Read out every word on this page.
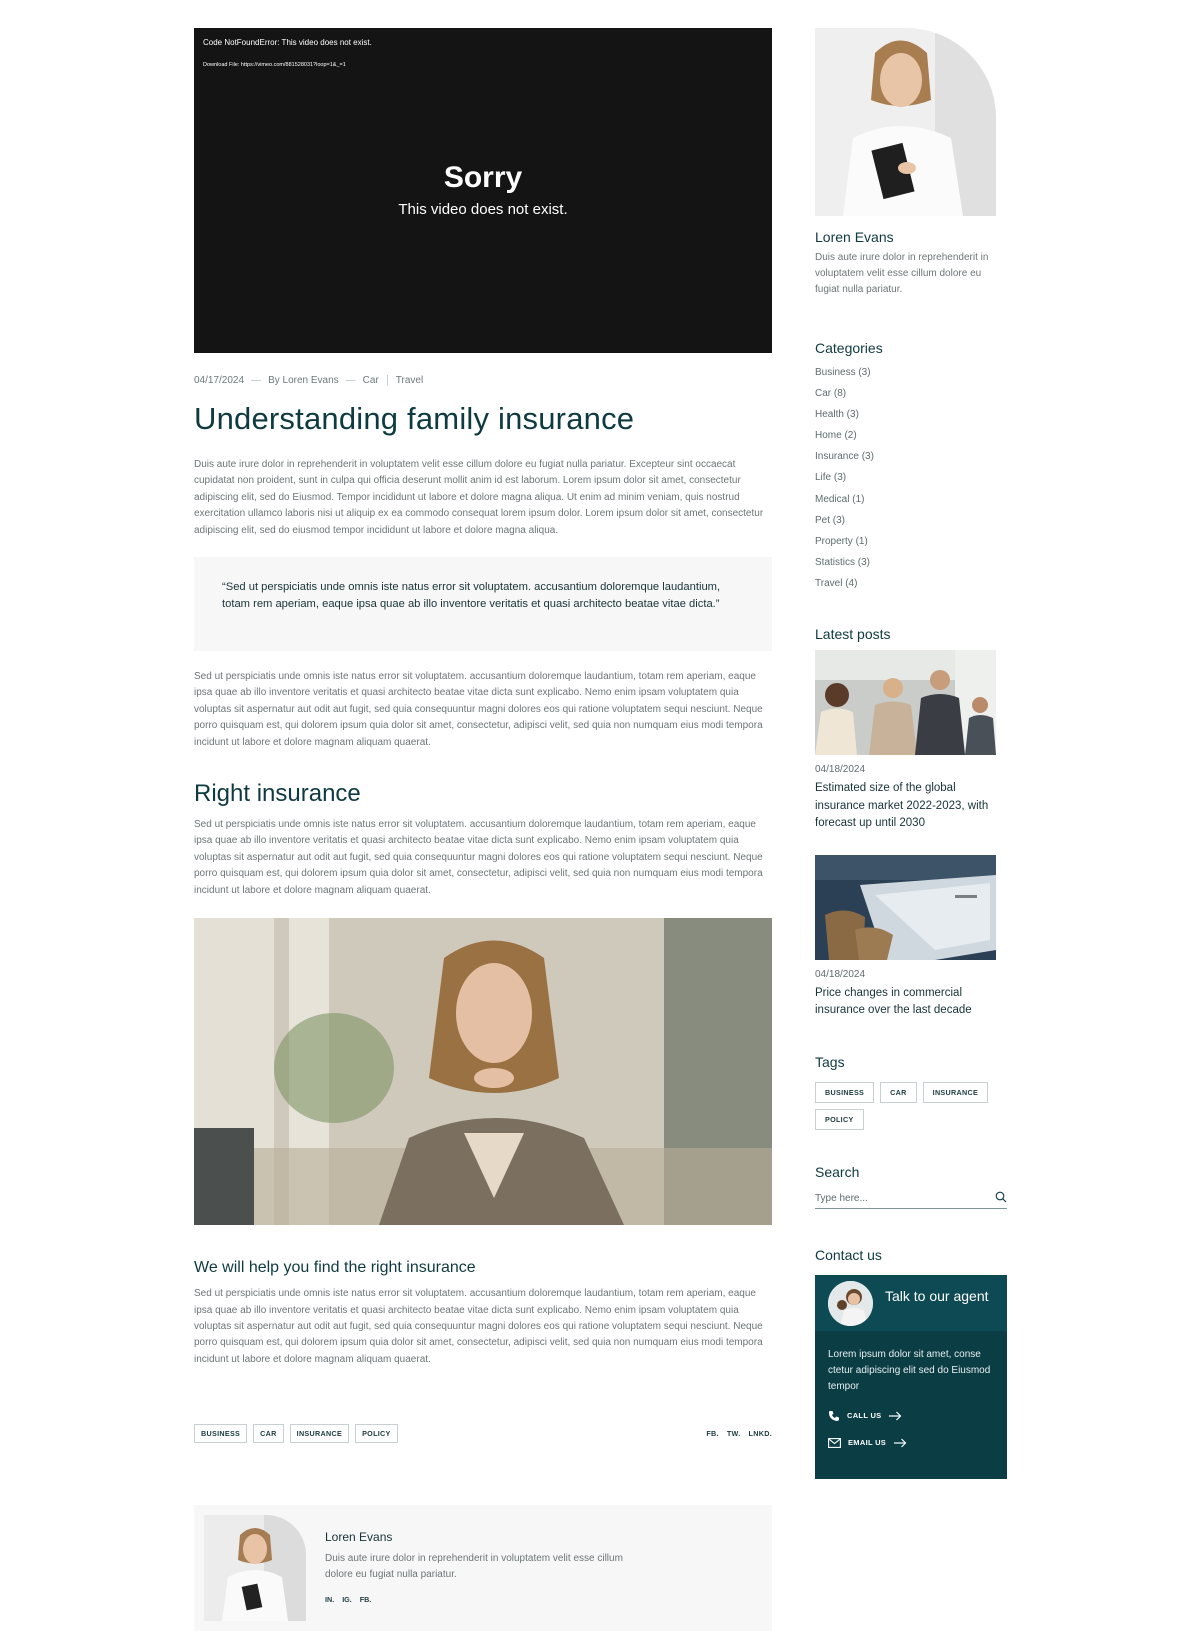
Code NotFoundError: This video does not exist.
Download File: https://vimeo.com/881528031?loop=1&_=1
Sorry
This video does not exist.
04/17/2024 — By Loren Evans — Car Travel
Understanding family insurance

Duis aute irure dolor in reprehenderit in voluptatem velit esse cillum dolore eu fugiat nulla pariatur. Excepteur sint occaecat cupidatat non proident, sunt in culpa qui officia deserunt mollit anim id est laborum. Lorem ipsum dolor sit amet, consectetur adipiscing elit, sed do Eiusmod. Tempor incididunt ut labore et dolore magna aliqua. Ut enim ad minim veniam, quis nostrud exercitation ullamco laboris nisi ut aliquip ex ea commodo consequat lorem ipsum dolor. Lorem ipsum dolor sit amet, consectetur adipiscing elit, sed do eiusmod tempor incididunt ut labore et dolore magna aliqua.

“Sed ut perspiciatis unde omnis iste natus error sit voluptatem. accusantium doloremque laudantium, totam rem aperiam, eaque ipsa quae ab illo inventore veritatis et quasi architecto beatae vitae dicta.”

Sed ut perspiciatis unde omnis iste natus error sit voluptatem. accusantium doloremque laudantium, totam rem aperiam, eaque ipsa quae ab illo inventore veritatis et quasi architecto beatae vitae dicta sunt explicabo. Nemo enim ipsam voluptatem quia voluptas sit aspernatur aut odit aut fugit, sed quia consequuntur magni dolores eos qui ratione voluptatem sequi nesciunt. Neque porro quisquam est, qui dolorem ipsum quia dolor sit amet, consectetur, adipisci velit, sed quia non numquam eius modi tempora incidunt ut labore et dolore magnam aliquam quaerat.

Right insurance

Sed ut perspiciatis unde omnis iste natus error sit voluptatem. accusantium doloremque laudantium, totam rem aperiam, eaque ipsa quae ab illo inventore veritatis et quasi architecto beatae vitae dicta sunt explicabo. Nemo enim ipsam voluptatem quia voluptas sit aspernatur aut odit aut fugit, sed quia consequuntur magni dolores eos qui ratione voluptatem sequi nesciunt. Neque porro quisquam est, qui dolorem ipsum quia dolor sit amet, consectetur, adipisci velit, sed quia non numquam eius modi tempora incidunt ut labore et dolore magnam aliquam quaerat.

We will help you find the right insurance

Sed ut perspiciatis unde omnis iste natus error sit voluptatem. accusantium doloremque laudantium, totam rem aperiam, eaque ipsa quae ab illo inventore veritatis et quasi architecto beatae vitae dicta sunt explicabo. Nemo enim ipsam voluptatem quia voluptas sit aspernatur aut odit aut fugit, sed quia consequuntur magni dolores eos qui ratione voluptatem sequi nesciunt. Neque porro quisquam est, qui dolorem ipsum quia dolor sit amet, consectetur, adipisci velit, sed quia non numquam eius modi tempora incidunt ut labore et dolore magnam aliquam quaerat.

BUSINESS	CAR	INSURANCE	POLICY	FB. TW. LNKD.
Loren Evans
Duis aute irure dolor in reprehenderit in voluptatem velit esse cillum dolore eu fugiat nulla pariatur.
IN. IG. FB.
Loren Evans
Duis aute irure dolor in reprehenderit in voluptatem velit esse cillum dolore eu fugiat nulla pariatur.
Categories
Business (3)
Car (8)
Health (3)
Home (2)
Insurance (3)
Life (3)
Medical (1)
Pet (3)
Property (1)
Statistics (3)
Travel (4)
Latest posts
04/18/2024
Estimated size of the global insurance market 2022-2023, with forecast up until 2030
04/18/2024
Price changes in commercial insurance over the last decade
Tags
BUSINESS	CAR	INSURANCE
POLICY
Search
Type here...
Contact us
Talk to our agent
Lorem ipsum dolor sit amet, conse ctetur adipiscing elit sed do Eiusmod tempor
CALL US
EMAIL US
